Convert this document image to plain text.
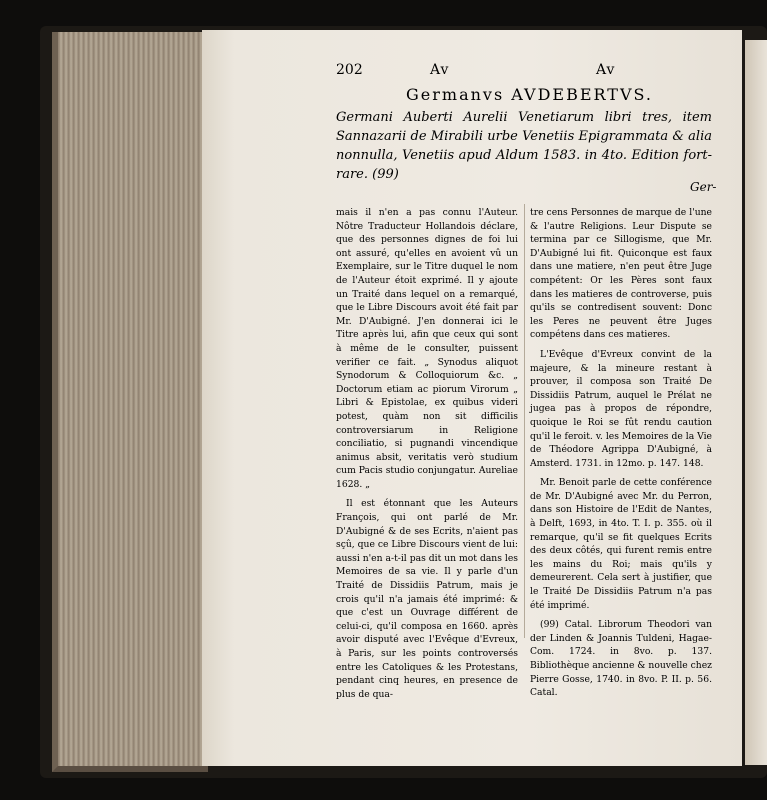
202	Av	Av
Germanvs AVDEBERTVS.
Germani Auberti Aurelii Venetiarum libri tres, item Sannazarii de Mirabili urbe Venetiis Epigrammata & alia nonnulla, Venetiis apud Aldum 1583. in 4to. Edition fort-rare. (99)
Ger-

mais il n'en a pas connu l'Auteur. Nôtre Traducteur Hollandois déclare, que des personnes dignes de foi lui ont assuré, qu'elles en avoient vû un Exemplaire, sur le Titre duquel le nom de l'Auteur étoit exprimé. Il y ajoute un Traité dans lequel on a remarqué, que le Libre Discours avoit été fait par Mr. D'Aubigné. J'en donnerai ici le Titre après lui, afin que ceux qui sont à même de le consulter, puissent verifier ce fait. „ Synodus aliquot Synodorum & Colloquiorum &c. „ Doctorum etiam ac piorum Virorum „ Libri & Epistolae, ex quibus videri potest, quàm non sit difficilis controversiarum in Religione conciliatio, si pugnandi vincendique animus absit, veritatis verò studium cum Pacis studio conjungatur. Aureliae 1628. „

Il est étonnant que les Auteurs François, qui ont parlé de Mr. D'Aubigné & de ses Ecrits, n'aient pas sçû, que ce Libre Discours vient de lui: aussi n'en a-t-il pas dit un mot dans les Memoires de sa vie. Il y parle d'un Traité de Dissidiis Patrum, mais je crois qu'il n'a jamais été imprimé: & que c'est un Ouvrage différent de celui-ci, qu'il composa en 1660. après avoir disputé avec l'Evêque d'Evreux, à Paris, sur les points controversés entre les Catoliques & les Protestans, pendant cinq heures, en presence de plus de qua-

tre cens Personnes de marque de l'une & l'autre Religions. Leur Dispute se termina par ce Sillogisme, que Mr. D'Aubigné lui fit. Quiconque est faux dans une matiere, n'en peut être Juge compétent: Or les Pères sont faux dans les matieres de controverse, puis qu'ils se contredisent souvent: Donc les Peres ne peuvent être Juges compétens dans ces matieres.

L'Evêque d'Evreux convint de la majeure, & la mineure restant à prouver, il composa son Traité De Dissidiis Patrum, auquel le Prélat ne jugea pas à propos de répondre, quoique le Roi se fût rendu caution qu'il le feroit. v. les Memoires de la Vie de Théodore Agrippa D'Aubigné, à Amsterd. 1731. in 12mo. p. 147. 148.

Mr. Benoit parle de cette conférence de Mr. D'Aubigné avec Mr. du Perron, dans son Histoire de l'Edit de Nantes, à Delft, 1693, in 4to. T. I. p. 355. où il remarque, qu'il se fit quelques Ecrits des deux côtés, qui furent remis entre les mains du Roi; mais qu'ils y demeurerent. Cela sert à justifier, que le Traité De Dissidiis Patrum n'a pas été imprimé.

(99) Catal. Librorum Theodori van der Linden & Joannis Tuldeni, Hagae-Com. 1724. in 8vo. p. 137. Bibliothèque ancienne & nouvelle chez Pierre Gosse, 1740. in 8vo. P. II. p. 56. Catal.
